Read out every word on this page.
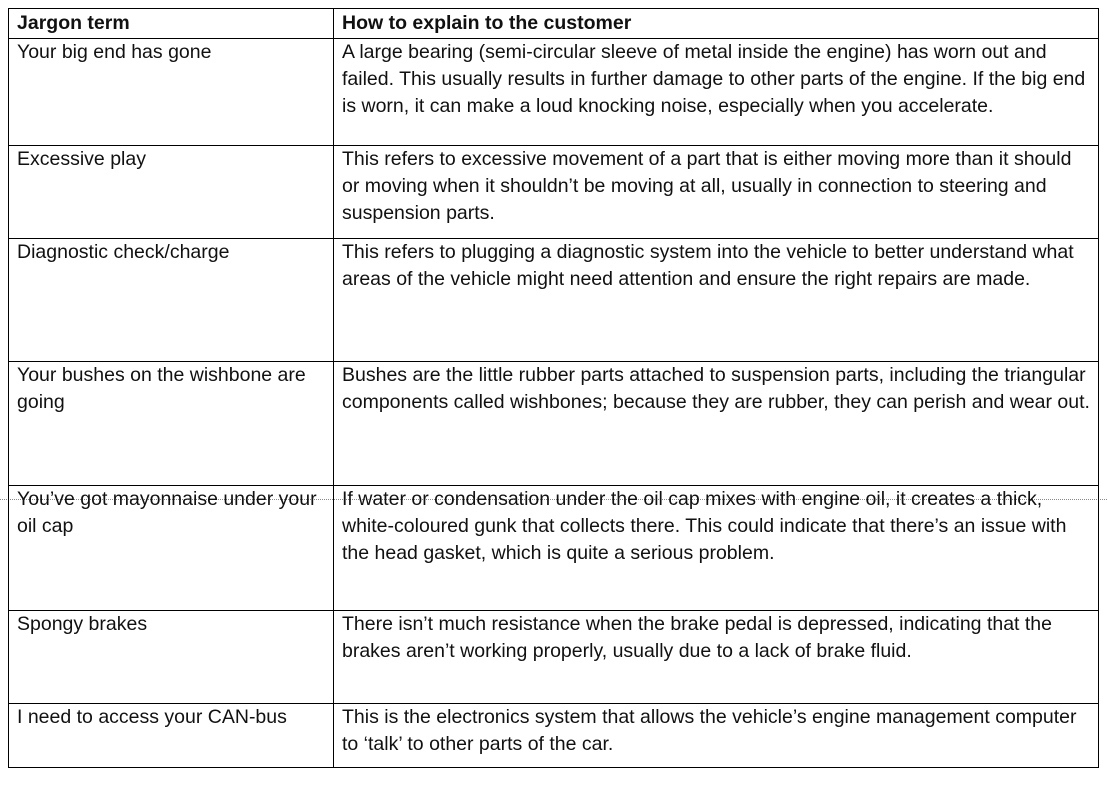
Jargon term	How to explain to the customer
Your big end has gone	A large bearing (semi-circular sleeve of metal inside the engine) has worn out and failed. This usually results in further damage to other parts of the engine. If the big end is worn, it can make a loud knocking noise, especially when you accelerate.
Excessive play	This refers to excessive movement of a part that is either moving more than it should or moving when it shouldn’t be moving at all, usually in connection to steering and suspension parts.
Diagnostic check/charge	This refers to plugging a diagnostic system into the vehicle to better understand what areas of the vehicle might need attention and ensure the right repairs are made.
Your bushes on the wishbone are going	Bushes are the little rubber parts attached to suspension parts, including the triangular components called wishbones; because they are rubber, they can perish and wear out.
You’ve got mayonnaise under your oil cap	If water or condensation under the oil cap mixes with engine oil, it creates a thick, white-coloured gunk that collects there. This could indicate that there’s an issue with the head gasket, which is quite a serious problem.
Spongy brakes	There isn’t much resistance when the brake pedal is depressed, indicating that the brakes aren’t working properly, usually due to a lack of brake fluid.
I need to access your CAN-bus	This is the electronics system that allows the vehicle’s engine management computer to ‘talk’ to other parts of the car.
